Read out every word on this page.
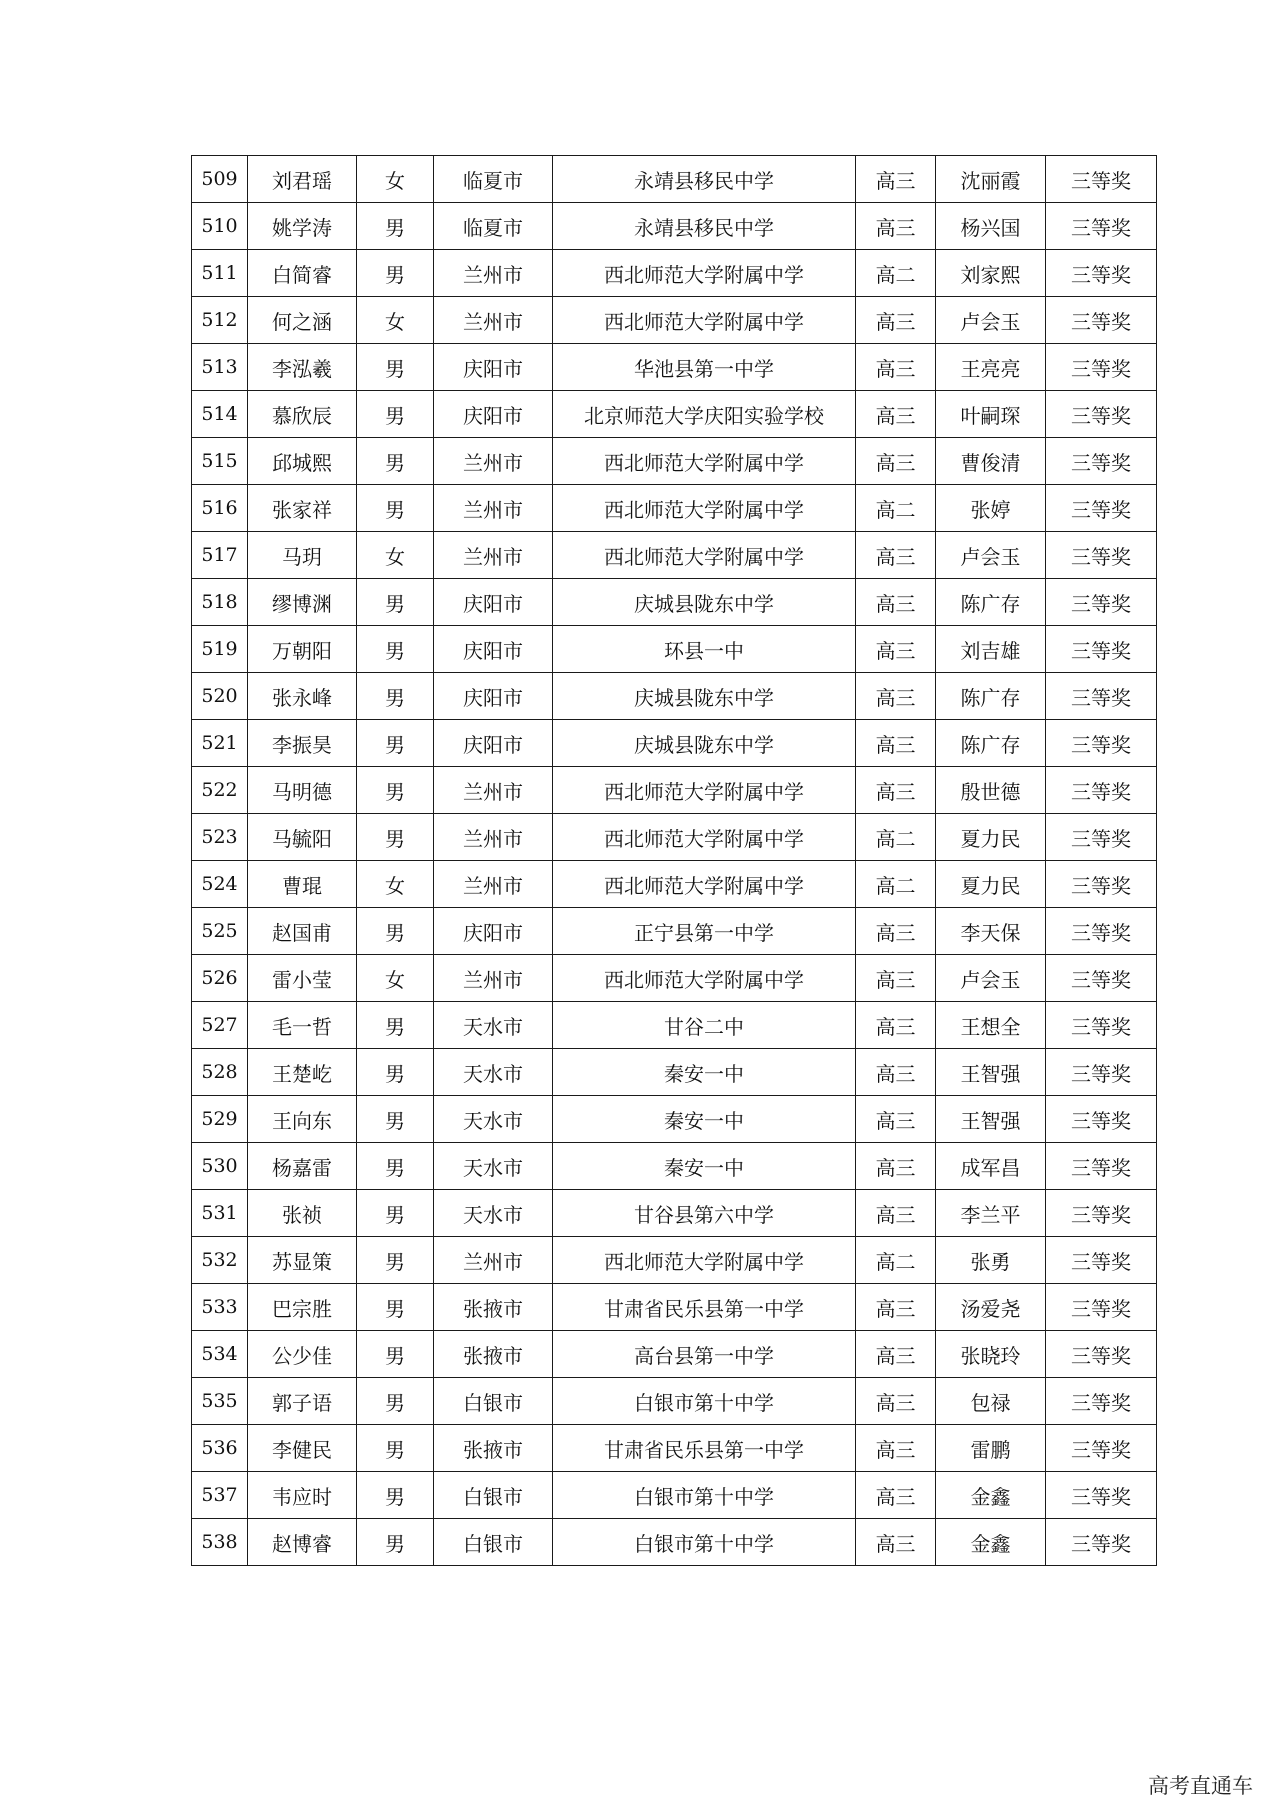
509	刘君瑶	女	临夏市	永靖县移民中学	高三	沈丽霞	三等奖
510	姚学涛	男	临夏市	永靖县移民中学	高三	杨兴国	三等奖
511	白简睿	男	兰州市	西北师范大学附属中学	高二	刘家熙	三等奖
512	何之涵	女	兰州市	西北师范大学附属中学	高三	卢会玉	三等奖
513	李泓羲	男	庆阳市	华池县第一中学	高三	王亮亮	三等奖
514	慕欣辰	男	庆阳市	北京师范大学庆阳实验学校	高三	叶嗣琛	三等奖
515	邱城熙	男	兰州市	西北师范大学附属中学	高三	曹俊清	三等奖
516	张家祥	男	兰州市	西北师范大学附属中学	高二	张婷	三等奖
517	马玥	女	兰州市	西北师范大学附属中学	高三	卢会玉	三等奖
518	缪博渊	男	庆阳市	庆城县陇东中学	高三	陈广存	三等奖
519	万朝阳	男	庆阳市	环县一中	高三	刘吉雄	三等奖
520	张永峰	男	庆阳市	庆城县陇东中学	高三	陈广存	三等奖
521	李振昊	男	庆阳市	庆城县陇东中学	高三	陈广存	三等奖
522	马明德	男	兰州市	西北师范大学附属中学	高三	殷世德	三等奖
523	马毓阳	男	兰州市	西北师范大学附属中学	高二	夏力民	三等奖
524	曹琨	女	兰州市	西北师范大学附属中学	高二	夏力民	三等奖
525	赵国甫	男	庆阳市	正宁县第一中学	高三	李天保	三等奖
526	雷小莹	女	兰州市	西北师范大学附属中学	高三	卢会玉	三等奖
527	毛一哲	男	天水市	甘谷二中	高三	王想全	三等奖
528	王楚屹	男	天水市	秦安一中	高三	王智强	三等奖
529	王向东	男	天水市	秦安一中	高三	王智强	三等奖
530	杨嘉雷	男	天水市	秦安一中	高三	成军昌	三等奖
531	张祯	男	天水市	甘谷县第六中学	高三	李兰平	三等奖
532	苏显策	男	兰州市	西北师范大学附属中学	高二	张勇	三等奖
533	巴宗胜	男	张掖市	甘肃省民乐县第一中学	高三	汤爱尧	三等奖
534	公少佳	男	张掖市	高台县第一中学	高三	张晓玲	三等奖
535	郭子语	男	白银市	白银市第十中学	高三	包禄	三等奖
536	李健民	男	张掖市	甘肃省民乐县第一中学	高三	雷鹏	三等奖
537	韦应时	男	白银市	白银市第十中学	高三	金鑫	三等奖
538	赵博睿	男	白银市	白银市第十中学	高三	金鑫	三等奖
高考直通车
